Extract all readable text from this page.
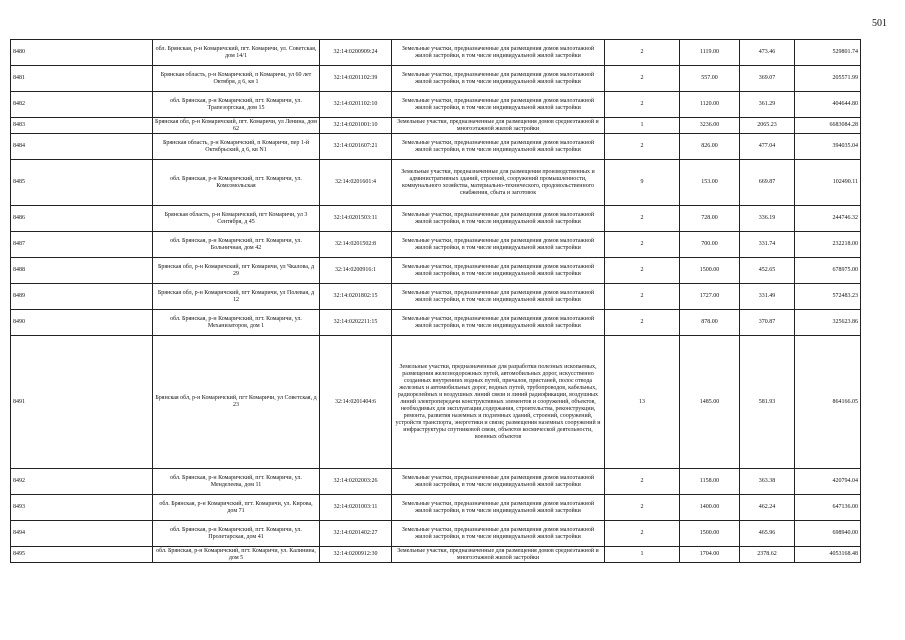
501
8480	обл. Брянская, р-н Комаричский, пгт. Комаричи, ул. Советская, дом 14/1	32:14:0200909:24	Земельные участки, предназначенные для размещения домов малоэтажной жилой застройки, в том числе индивидуальной жилой застройки	2	1119.00	473.46	529801.74
8481	Брянская область, р-н Комаричский, п Комаричи, ул 60 лет Октября, д 6, кв 1	32:14:0201102:39	Земельные участки, предназначенные для размещения домов малоэтажной жилой застройки, в том числе индивидуальной жилой застройки	2	557.00	369.07	205571.99
8482	обл. Брянская, р-н Комаричский, пгт. Комаричи, ул. Трапезоргская, дом 15	32:14:0201102:10	Земельные участки, предназначенные для размещения домов малоэтажной жилой застройки, в том числе индивидуальной жилой застройки	2	1120.00	361.29	404644.80
8483	Брянская обл, р-н Комаричский, пгт. Комаричи, ул Ленина, дом 62	32:14:0201001:10	Земельные участки, предназначенные для размещения домов среднеэтажной и многоэтажной жилой застройки	1	3236.00	2065.23	6683084.28
8484	Брянская область, р-н Комаричский, п Комаричи, пер 1-й Октябрьский, д 6, кв N1	32:14:0201607:21	Земельные участки, предназначенные для размещения домов малоэтажной жилой застройки, в том числе индивидуальной жилой застройки	2	826.00	477.04	394035.04
8485	обл. Брянская, р-н Комаричский, пгт. Комаричи, ул. Комсомольская	32:14:0201601:4	Земельные участки, предназначенные для размещения производственных и административных зданий, строений, сооружений промышленности, коммунального хозяйства, материально-технического, продовольственного снабжения, сбыта и заготовок	9	153.00	669.87	102490.11
8486	Брянская область, р-н Комаричский, пгт Комаричи, ул 3 Сентября, д 45	32:14:0201503:11	Земельные участки, предназначенные для размещения домов малоэтажной жилой застройки, в том числе индивидуальной жилой застройки	2	728.00	336.19	244746.32
8487	обл. Брянская, р-н Комаричский, пгт. Комаричи, ул. Больничная, дом 42	32:14:0201502:8	Земельные участки, предназначенные для размещения домов малоэтажной жилой застройки, в том числе индивидуальной жилой застройки	2	700.00	331.74	232218.00
8488	Брянская обл, р-н Комаричский, пгт Комаричи, ул Чкалова, д 29	32:14:0200916:1	Земельные участки, предназначенные для размещения домов малоэтажной жилой застройки, в том числе индивидуальной жилой застройки	2	1500.00	452.65	678975.00
8489	Брянская обл, р-н Комаричский, пгт Комаричи, ул Полевая, д 12	32:14:0201802:15	Земельные участки, предназначенные для размещения домов малоэтажной жилой застройки, в том числе индивидуальной жилой застройки	2	1727.00	331.49	572483.23
8490	обл. Брянская, р-н Комаричский, пгт. Комаричи, ул. Механизаторов, дом 1	32:14:0202211:15	Земельные участки, предназначенные для размещения домов малоэтажной жилой застройки, в том числе индивидуальной жилой застройки	2	878.00	370.87	325623.86
8491	Брянская обл, р-н Комаричский, пгт Комаричи, ул Советская, д 23	32:14:0201404:6	Земельные участки, предназначенные для разработки полезных ископаемых, размещения железнодорожных путей, автомобильных дорог, искусственно созданных внутренних водных путей, причалов, пристаней, полос отвода железных и автомобильных дорог, водных путей, трубопроводов, кабельных, радиорелейных и воздушных линий связи и линий радиофикации, воздушных линий электропередачи конструктивных элементов и сооружений, объектов, необходимых для эксплуатации,содержания, строительства, реконструкции, ремонта, развития наземных и подземных зданий, строений, сооружений, устройств транспорта, энергетики и связи; размещения наземных сооружений и инфраструктуры спутниковой связи, объектов космической деятельности, военных объектов	13	1485.00	581.93	864166.05
8492	обл. Брянская, р-н Комаричский, пгт. Комаричи, ул. Менделеева, дом 11	32:14:0202003:26	Земельные участки, предназначенные для размещения домов малоэтажной жилой застройки, в том числе индивидуальной жилой застройки	2	1158.00	363.38	420794.04
8493	обл. Брянская, р-н Комаричский, пгт. Комаричи, ул. Кирова, дом 71	32:14:0201003:11	Земельные участки, предназначенные для размещения домов малоэтажной жилой застройки, в том числе индивидуальной жилой застройки	2	1400.00	462.24	647136.00
8494	обл. Брянская, р-н Комаричский, пгт. Комаричи, ул. Пролетарская, дом 41	32:14:0201402:27	Земельные участки, предназначенные для размещения домов малоэтажной жилой застройки, в том числе индивидуальной жилой застройки	2	1500.00	465.96	698940.00
8495	обл. Брянская, р-н Комаричский, пгт. Комаричи, ул. Калинина, дом 5	32:14:0200912:30	Земельные участки, предназначенные для размещения домов среднеэтажной и многоэтажной жилой застройки	1	1704.00	2378.62	4053168.48
